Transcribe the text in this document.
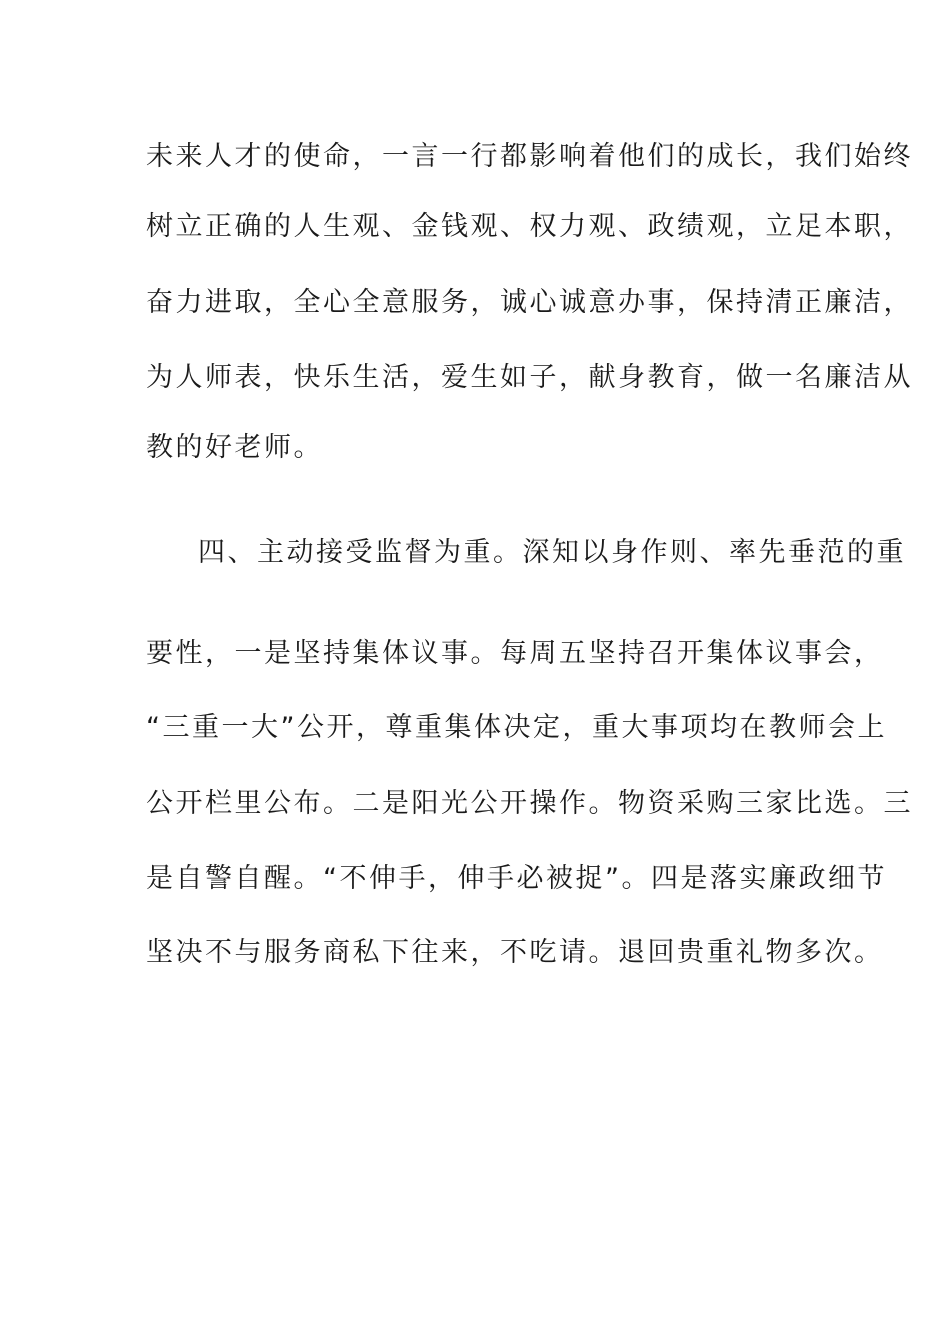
未来人才的使命，一言一行都影响着他们的成长，我们始终
树立正确的人生观、金钱观、权力观、政绩观，立足本职，
奋力进取，全心全意服务，诚心诚意办事，保持清正廉洁，
为人师表，快乐生活，爱生如子，献身教育，做一名廉洁从
教的好老师。
四、主动接受监督为重。深知以身作则、率先垂范的重
要性，一是坚持集体议事。每周五坚持召开集体议事会，
“三重一大”公开，尊重集体决定，重大事项均在教师会上
公开栏里公布。二是阳光公开操作。物资采购三家比选。三
是自警自醒。“不伸手，伸手必被捉”。四是落实廉政细节
坚决不与服务商私下往来，不吃请。退回贵重礼物多次。
